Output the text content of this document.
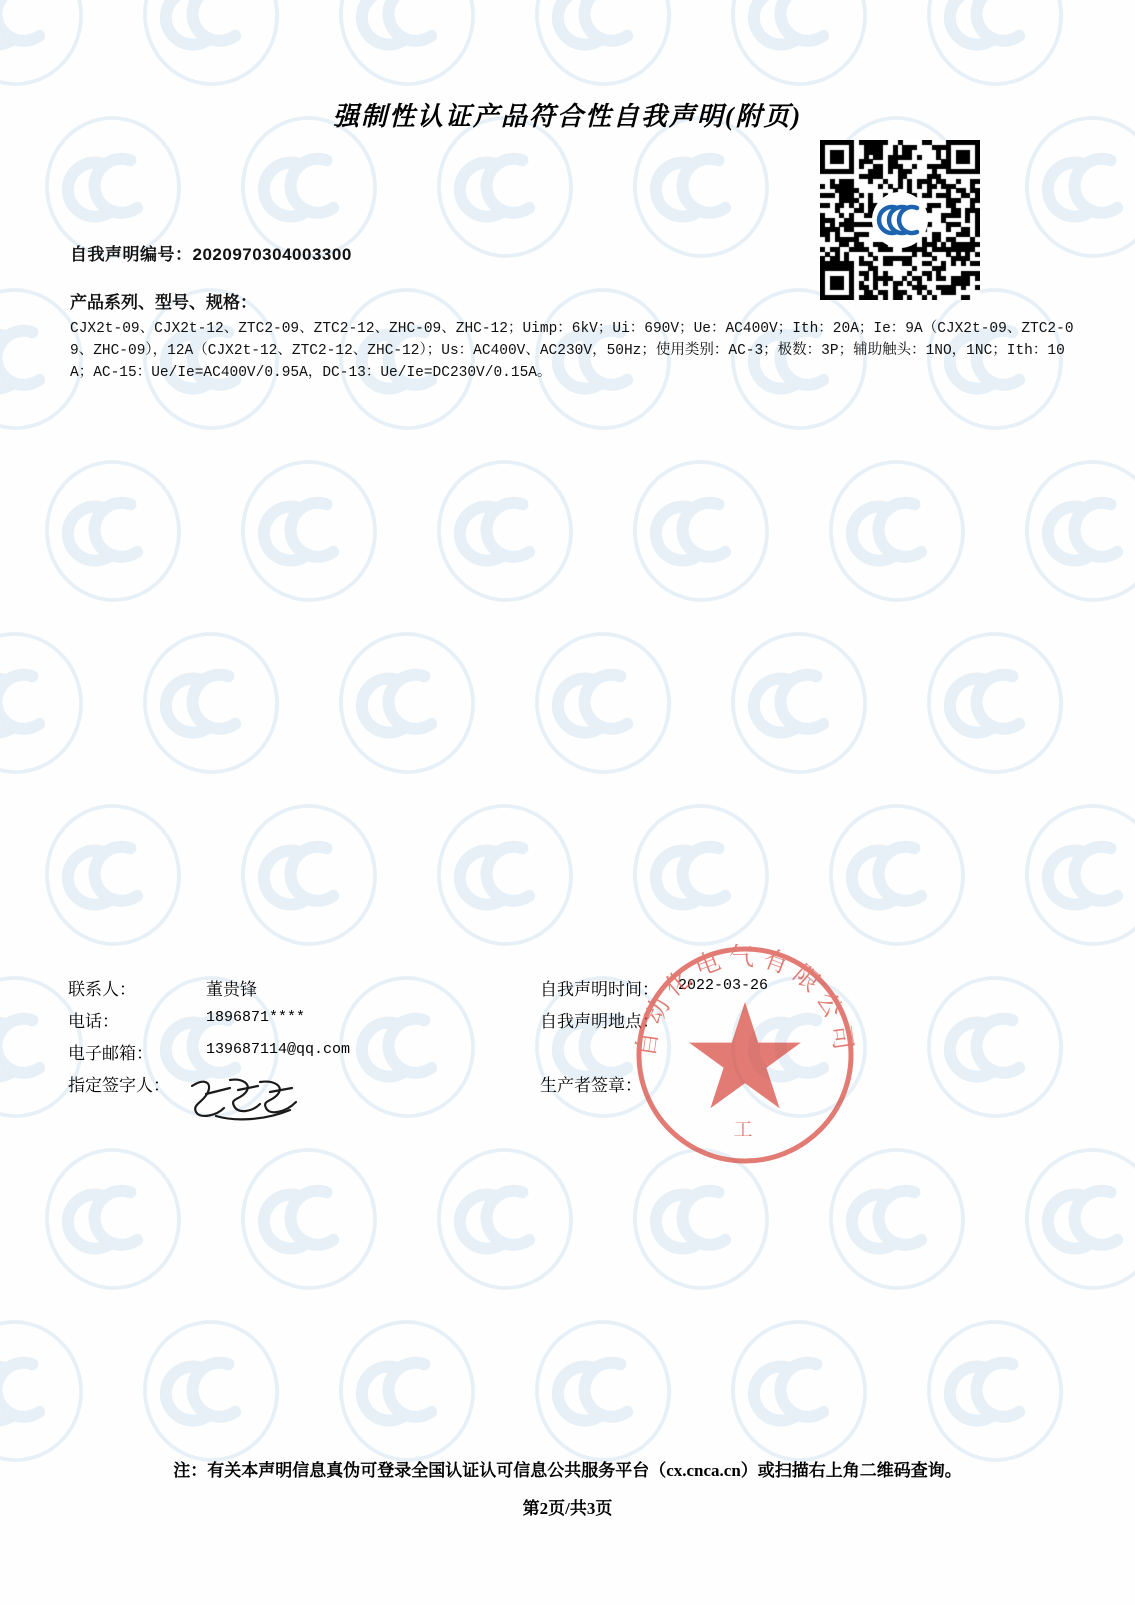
强制性认证产品符合性自我声明(附页)
自我声明编号：2020970304003300
产品系列、型号、规格：
CJX2t-09、CJX2t-12、ZTC2-09、ZTC2-12、ZHC-09、ZHC-12；Uimp：6kV；Ui：690V；Ue：AC400V；Ith：20A；Ie：9A（CJX2t-09、ZTC2-09、ZHC-09），12A（CJX2t-12、ZTC2-12、ZHC-12）；Us：AC400V、AC230V，50Hz；使用类别：AC-3；极数：3P；辅助触头：1NO，1NC；Ith：10A；AC-15：Ue/Ie=AC400V/0.95A，DC-13：Ue/Ie=DC230V/0.15A。
联系人：	董贵锋
电话：	1896871****
电子邮箱：	139687114@qq.com
指定签字人：
自我声明时间：	2022-03-26
自我声明地点：
生产者签章：
自动化电气有限公司
工
注：有关本声明信息真伪可登录全国认证认可信息公共服务平台（cx.cnca.cn）或扫描右上角二维码查询。
第2页/共3页
